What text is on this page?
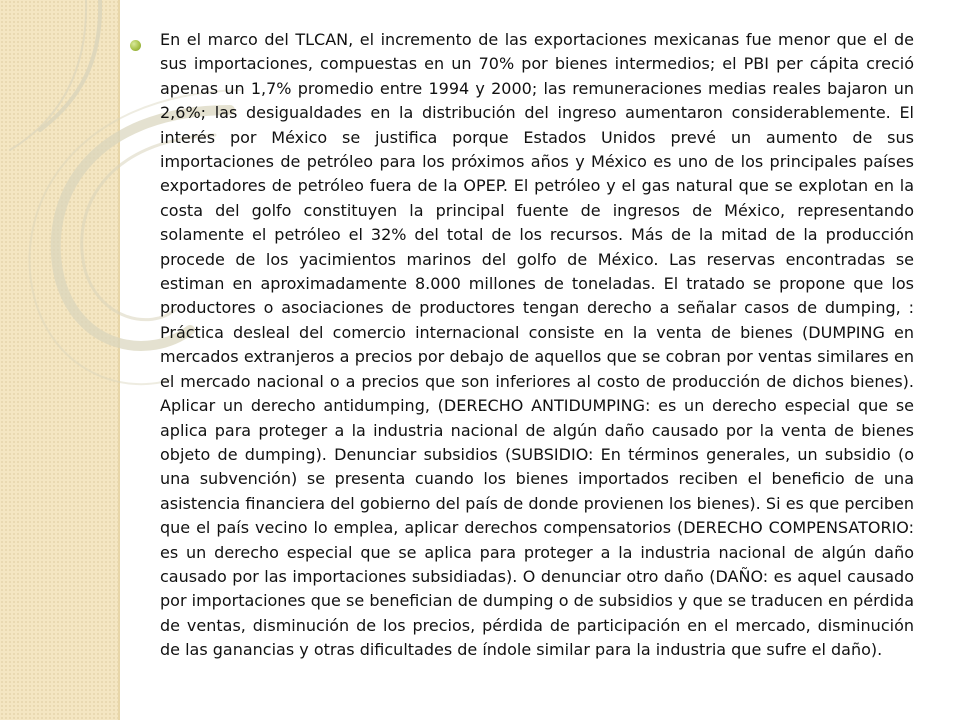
En el marco del TLCAN, el incremento de las exportaciones mexicanas fue menor que el de sus importaciones, compuestas en un 70% por bienes intermedios; el PBI per cápita creció apenas un 1,7% promedio entre 1994 y 2000; las remuneraciones medias reales bajaron un 2,6%; las desigualdades en la distribución del ingreso aumentaron considerablemente. El interés por México se justifica porque Estados Unidos prevé un aumento de sus importaciones de petróleo para los próximos años y México es uno de los principales países exportadores de petróleo fuera de la OPEP. El petróleo y el gas natural que se explotan en la costa del golfo constituyen la principal fuente de ingresos de México, representando solamente el petróleo el 32% del total de los recursos. Más de la mitad de la producción procede de los yacimientos marinos del golfo de México. Las reservas encontradas se estiman en aproximadamente 8.000 millones de toneladas. El tratado se propone que los productores o asociaciones de productores tengan derecho a señalar casos de dumping, : Práctica desleal del comercio internacional consiste en la venta de bienes (DUMPING en mercados extranjeros a precios por debajo de aquellos que se cobran por ventas similares en el mercado nacional o a precios que son inferiores al costo de producción de dichos bienes). Aplicar un derecho antidumping, (DERECHO ANTIDUMPING: es un derecho especial que se aplica para proteger a la industria nacional de algún daño causado por la venta de bienes objeto de dumping). Denunciar subsidios (SUBSIDIO: En términos generales, un subsidio (o una subvención) se presenta cuando los bienes importados reciben el beneficio de una asistencia financiera del gobierno del país de donde provienen los bienes). Si es que perciben que el país vecino lo emplea, aplicar derechos compensatorios (DERECHO COMPENSATORIO: es un derecho especial que se aplica para proteger a la industria nacional de algún daño causado por las importaciones subsidiadas). O denunciar otro daño (DAÑO: es aquel causado por importaciones que se benefician de dumping o de subsidios y que se traducen en pérdida de ventas, disminución de los precios, pérdida de participación en el mercado, disminución de las ganancias y otras dificultades de índole similar para la industria que sufre el daño).
